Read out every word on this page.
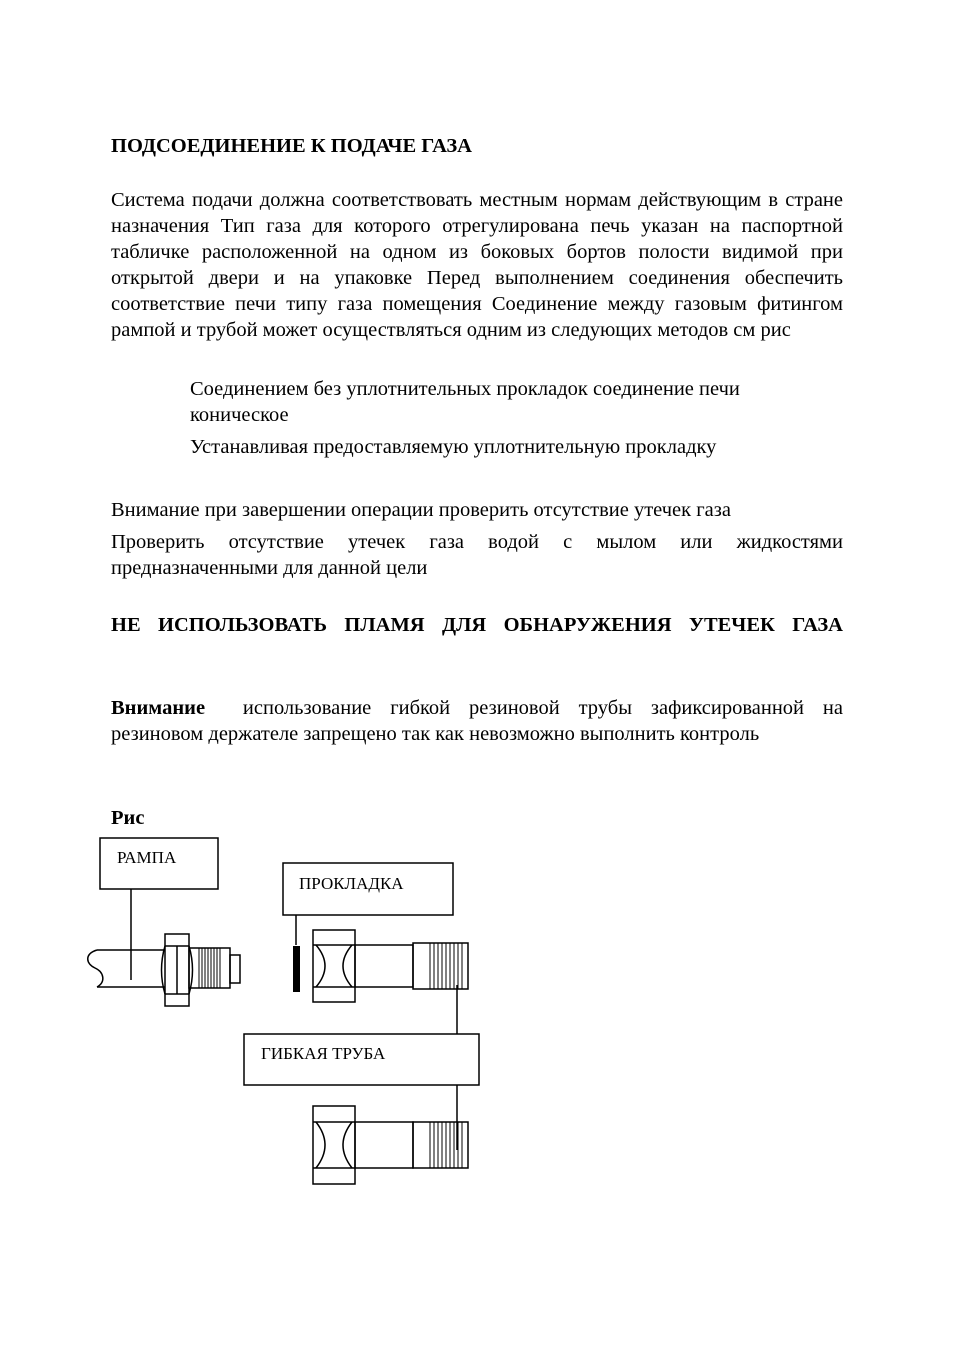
ПОДСОЕДИНЕНИЕ К ПОДАЧЕ ГАЗА

Система подачи должна соответствовать местным нормам действующим в стране назначения Тип газа для которого отрегулирована печь указан на паспортной табличке расположенной на одном из боковых бортов полости видимой при открытой двери и на упаковке Перед выполнением соединения обеспечить соответствие печи типу газа помещения Соединение между газовым фитингом рампой и трубой может осуществляться одним из следующих методов см рис

Соединением без уплотнительных прокладок соединение печи коническое

Устанавливая предоставляемую уплотнительную прокладку

Внимание при завершении операции проверить отсутствие утечек газа

Проверить отсутствие утечек газа водой с мылом или жидкостями предназначенными для данной цели

НЕ ИСПОЛЬЗОВАТЬ ПЛАМЯ ДЛЯ ОБНАРУЖЕНИЯ УТЕЧЕК ГАЗА

Внимание использование гибкой резиновой трубы зафиксированной на резиновом держателе запрещено так как невозможно выполнить контроль

Рис
РАМПА
ПРОКЛАДКА
ГИБКАЯ ТРУБА
